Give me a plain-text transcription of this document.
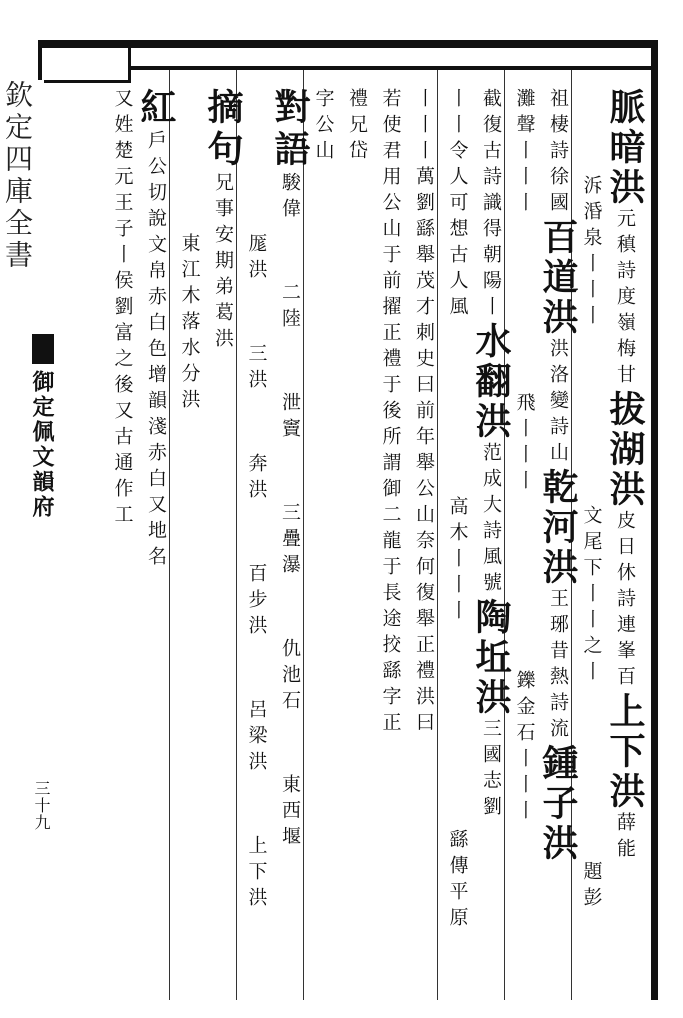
欽定四庫全書
御定佩文韻府
三十九
脈暗洪元稹詩度嶺梅甘拔湖洪皮日休詩連峯百上下洪薛能
泝涽泉丨丨丨      文尾下丨丨之丨      題彭
祖棲詩徐國百道洪洪洛變詩山乾河洪王琊昔熱詩流鍾子洪
灘聲丨丨丨      飛丨丨丨      鑠金石丨丨丨
截復古詩識得朝陽丨水翻洪范成大詩風號陶坵洪三國志劉
丨丨令人可想古人風      高木丨丨丨       繇傳平原
丨丨丨萬劉繇舉茂才刺史曰前年舉公山奈何復舉正禮洪曰
若使君用公山于前擢正禮于後所謂御二龍于長途挍繇字正
禮兄岱
字公山
對語駿偉  二陸  泄竇  三疊瀑  仇池石  東西堰
厖洪  三洪  奔洪  百步洪  呂梁洪  上下洪
摘句兄事安期弟葛洪
東江木落水分洪
紅戶公切說文帛赤白色增韻淺赤白又地名
又姓楚元王子丨侯劉富之後又古通作工
